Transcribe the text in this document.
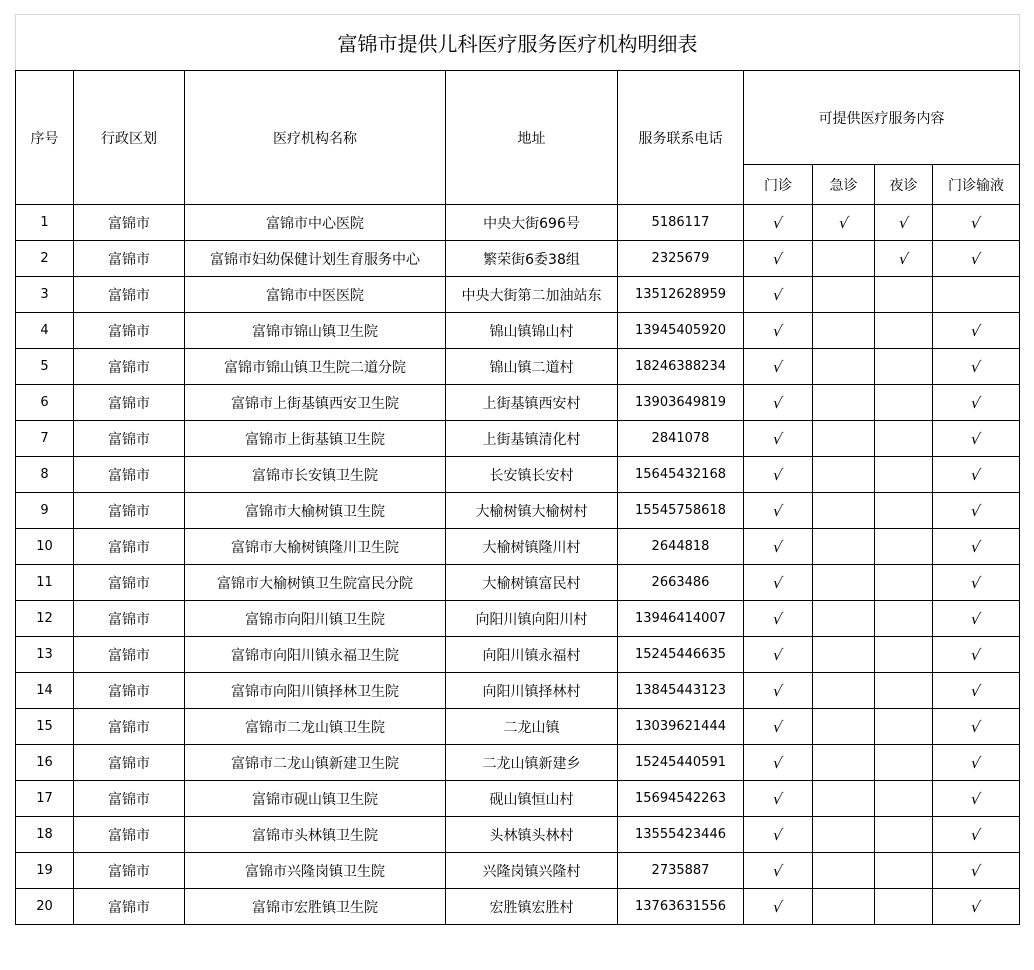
富锦市提供儿科医疗服务医疗机构明细表								
序号	行政区划	医疗机构名称	地址	服务联系电话	可提供医疗服务内容			
					门诊	急诊	夜诊	门诊输液
1	富锦市	富锦市中心医院	中央大街696号	5186117	√	√	√	√
2	富锦市	富锦市妇幼保健计划生育服务中心	繁荣街6委38组	2325679	√		√	√
3	富锦市	富锦市中医医院	中央大街第二加油站东	13512628959	√			
4	富锦市	富锦市锦山镇卫生院	锦山镇锦山村	13945405920	√			√
5	富锦市	富锦市锦山镇卫生院二道分院	锦山镇二道村	18246388234	√			√
6	富锦市	富锦市上街基镇西安卫生院	上街基镇西安村	13903649819	√			√
7	富锦市	富锦市上街基镇卫生院	上街基镇清化村	2841078	√			√
8	富锦市	富锦市长安镇卫生院	长安镇长安村	15645432168	√			√
9	富锦市	富锦市大榆树镇卫生院	大榆树镇大榆树村	15545758618	√			√
10	富锦市	富锦市大榆树镇隆川卫生院	大榆树镇隆川村	2644818	√			√
11	富锦市	富锦市大榆树镇卫生院富民分院	大榆树镇富民村	2663486	√			√
12	富锦市	富锦市向阳川镇卫生院	向阳川镇向阳川村	13946414007	√			√
13	富锦市	富锦市向阳川镇永福卫生院	向阳川镇永福村	15245446635	√			√
14	富锦市	富锦市向阳川镇择林卫生院	向阳川镇择林村	13845443123	√			√
15	富锦市	富锦市二龙山镇卫生院	二龙山镇	13039621444	√			√
16	富锦市	富锦市二龙山镇新建卫生院	二龙山镇新建乡	15245440591	√			√
17	富锦市	富锦市砚山镇卫生院	砚山镇恒山村	15694542263	√			√
18	富锦市	富锦市头林镇卫生院	头林镇头林村	13555423446	√			√
19	富锦市	富锦市兴隆岗镇卫生院	兴隆岗镇兴隆村	2735887	√			√
20	富锦市	富锦市宏胜镇卫生院	宏胜镇宏胜村	13763631556	√			√
